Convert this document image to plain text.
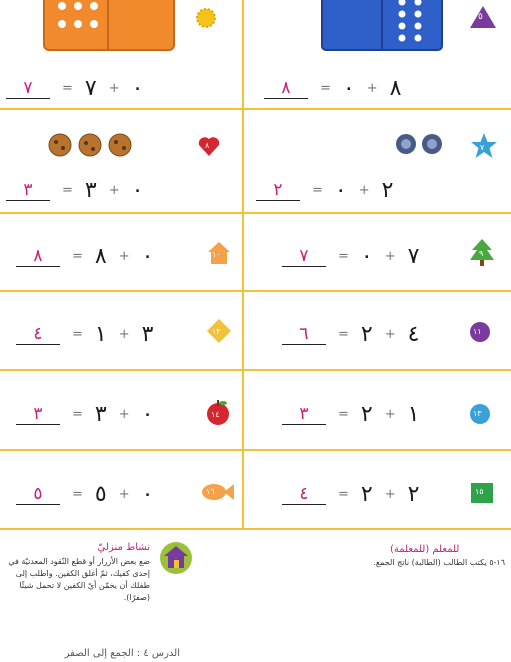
٥
٧	= ٧ + ٠	٨	= ٠ + ٨
٨	٧
٣	= ٣ + ٠	٢	= ٠ + ٢
٨	= ٨ + ٠	١٠	٧	= ٠ + ٧	٩
٤	= ١ + ٣	١٢	٦	= ٢ + ٤	١١
٣	= ٣ + ٠	١٤	٣	= ٢ + ١	١٣
٥	= ٥ + ٠	١٦	٤	= ٢ + ٢	١٥
للمعلم (للمعلمة)
١٦-٥ يكتب الطالب (الطالبة) ناتج الجمع.
نشاط منزليّ
ضع بعض الأزرار أو قطع النّقود المعدنيّة في إحدى كفيك، ثمّ أغلق الكفين. واطلب إلى طفلك أن يخمّن أيّ الكفين لا تحمل شيئًا (صفرًا).
الدرس ٤ : الجمع إلى الصفر
